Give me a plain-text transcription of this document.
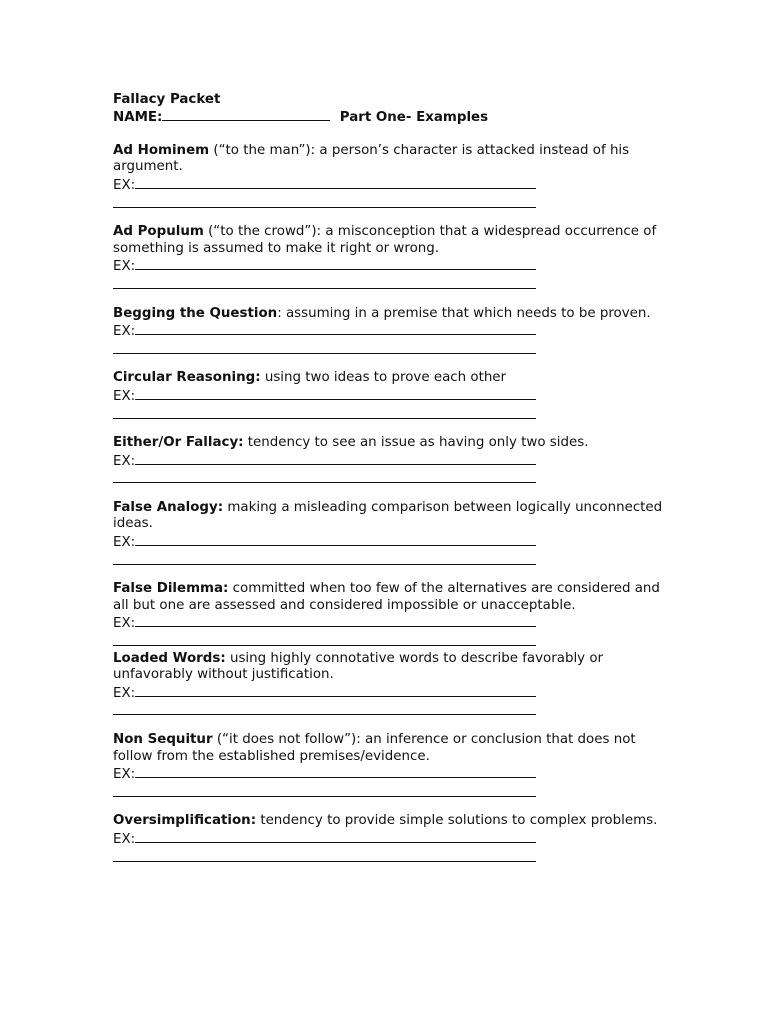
Fallacy Packet

NAME:	Part One- Examples

Ad Hominem (“to the man”): a person’s character is attacked instead of his argument.

EX:

Ad Populum (“to the crowd”): a misconception that a widespread occurrence of something is assumed to make it right or wrong.

EX:

Begging the Question: assuming in a premise that which needs to be proven.

EX:

Circular Reasoning: using two ideas to prove each other

EX:

Either/Or Fallacy: tendency to see an issue as having only two sides.

EX:

False Analogy: making a misleading comparison between logically unconnected ideas.

EX:

False Dilemma: committed when too few of the alternatives are considered and all but one are assessed and considered impossible or unacceptable.

EX:

Loaded Words: using highly connotative words to describe favorably or unfavorably without justification.

EX:

Non Sequitur (“it does not follow”): an inference or conclusion that does not follow from the established premises/evidence.

EX:

Oversimplification: tendency to provide simple solutions to complex problems.

EX:
